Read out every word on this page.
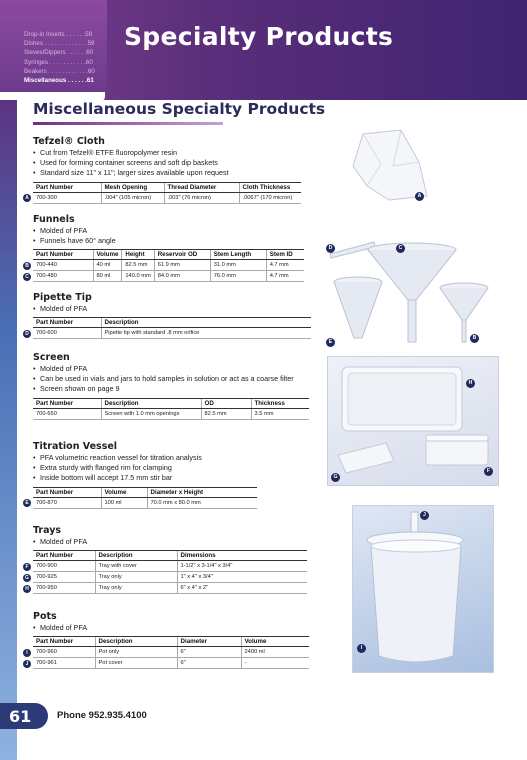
Drop-in Inserts . . . . . .59
Dishes . . . . . . . . . . . . .59
Sieves/Dippers . . . . . .60
Syringes . . . . . . . . . . .60
Beakers . . . . . . . . . . . .60
Miscellaneous . . . . . .61
Specialty Products
Miscellaneous Specialty Products
Tefzel® Cloth
• Cut from Tefzel® ETFE fluoropolymer resin
• Used for forming container screens and soft dip baskets
• Standard size 11" x 11"; larger sizes available upon request
Part Number	Mesh Opening	Thread Diameter	Cloth Thickness

A 700-300	.004" (105 micron)	.003" (76 micron)	.0067" (170 micron)
Funnels
• Molded of PFA
• Funnels have 60° angle
Part Number	Volume	Height	Reservoir OD	Stem Length	Stem ID

B 700-440	40 ml	82.5 mm	61.9 mm	31.0 mm	4.7 mm

C 700-480	80 ml	140.0 mm	84.0 mm	76.0 mm	4.7 mm
Pipette Tip
• Molded of PFA
Part Number	Description

D 700-600	Pipette tip with standard .8 mm orifice
Screen
• Molded of PFA
• Can be used in vials and jars to hold samples in solution or act as a coarse filter
• Screen shown on page 9
Part Number	Description	OD	Thickness
700-650	Screen with 1.0 mm openings	82.5 mm	3.5 mm
Titration Vessel
• PFA volumetric reaction vessel for titration analysis
• Extra sturdy with flanged rim for clamping
• Inside bottom will accept 17.5 mm stir bar
Part Number	Volume	Diameter x Height

E 700-870	100 ml	70.0 mm x 80.0 mm
Trays
• Molded of PFA
Part Number	Description	Dimensions

F 700-900	Tray with cover	1-1/2" x 3-1/4" x 3/4"

G 700-925	Tray only	1" x 4" x 3/4"

H 700-950	Tray only	6" x 4" x 2"
Pots
• Molded of PFA
Part Number	Description	Diameter	Volume

I 700-960	Pot only	6"	2400 ml

J 700-961	Pot cover	6"	-
A
D	C
E
B
H
G
F
J
I
61	Phone 952.935.4100
